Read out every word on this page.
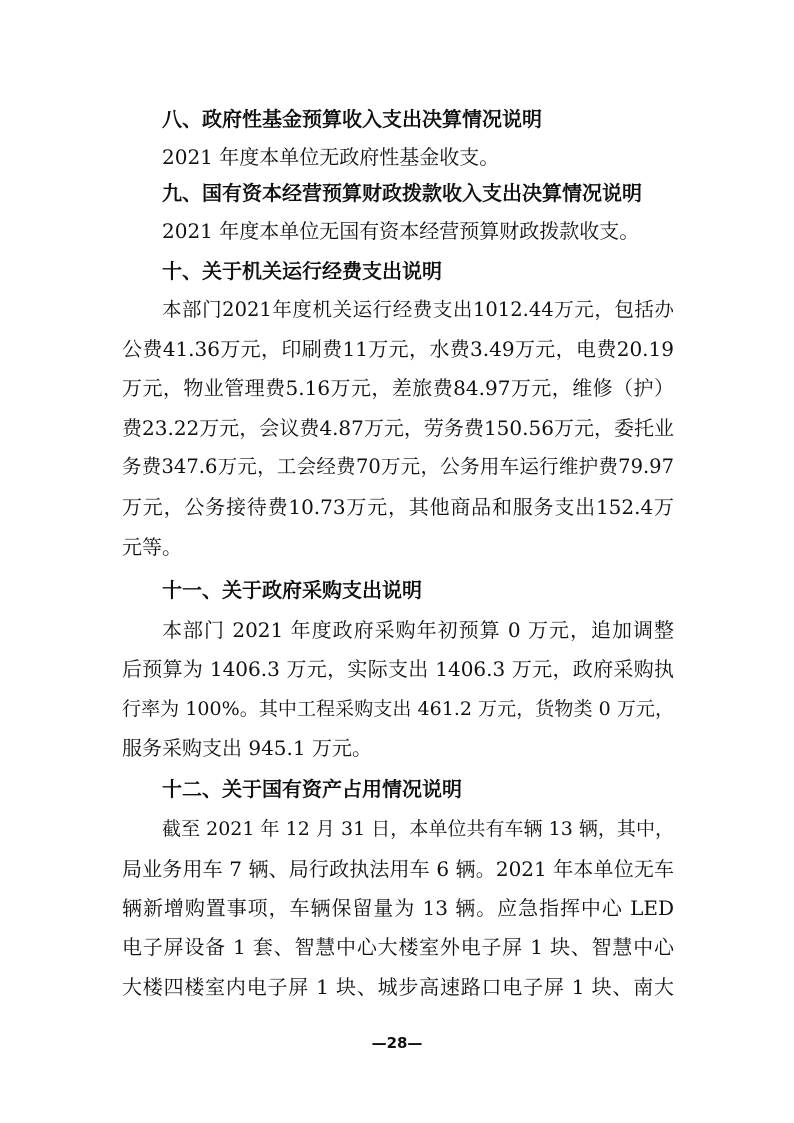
八、政府性基金预算收入支出决算情况说明
2021 年度本单位无政府性基金收支。
九、国有资本经营预算财政拨款收入支出决算情况说明
2021 年度本单位无国有资本经营预算财政拨款收支。
十、关于机关运行经费支出说明
本部门2021年度机关运行经费支出1012.44万元，包括办
公费41.36万元，印刷费11万元，水费3.49万元，电费20.19
万元，物业管理费5.16万元，差旅费84.97万元，维修（护）
费23.22万元，会议费4.87万元，劳务费150.56万元，委托业
务费347.6万元，工会经费70万元，公务用车运行维护费79.97
万元，公务接待费10.73万元，其他商品和服务支出152.4万
元等。
十一、关于政府采购支出说明
本部门 2021 年度政府采购年初预算 0 万元，追加调整
后预算为 1406.3 万元，实际支出 1406.3 万元，政府采购执
行率为 100%。其中工程采购支出 461.2 万元，货物类 0 万元，
服务采购支出 945.1 万元。
十二、关于国有资产占用情况说明
截至 2021 年 12 月 31 日，本单位共有车辆 13 辆，其中，
局业务用车 7 辆、局行政执法用车 6 辆。2021 年本单位无车
辆新增购置事项，车辆保留量为 13 辆。应急指挥中心 LED
电子屏设备 1 套、智慧中心大楼室外电子屏 1 块、智慧中心
大楼四楼室内电子屏 1 块、城步高速路口电子屏 1 块、南大
—28—
